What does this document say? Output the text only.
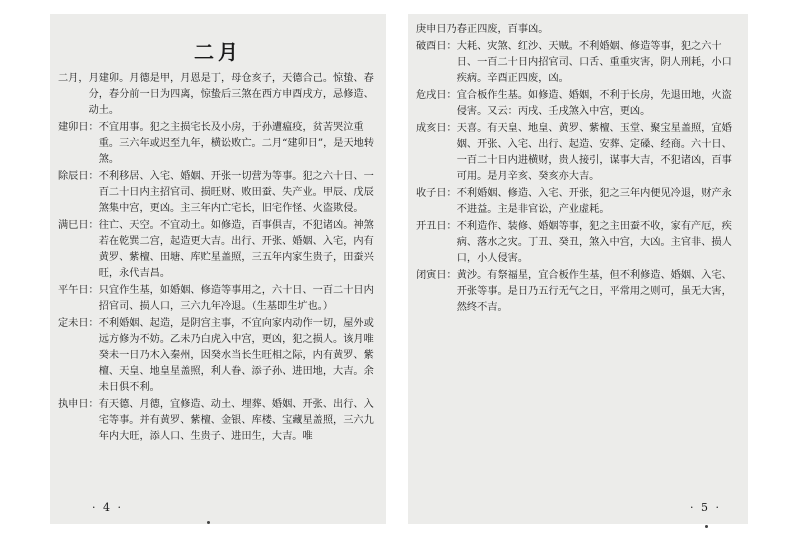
二月
二月， 月建卯。月德是甲，月恩是丁，母仓亥子，天德合己。惊蛰、春分，春分前一日为四离，惊蛰后三煞在西方申酉戌方，忌修造、动土。
建卯日： 不宜用事。犯之主损宅长及小房，于孙遭瘟疫，贫苦哭泣重重。三六年或迟至九年，横讼败亡。二月“建卯日”，是天地转煞。
除辰日： 不利移居、入宅、婚姻、开张一切营为等事。犯之六十日、一百二十日内主招官司、损旺财、败田蚕、失产业。甲辰、戊辰煞集中宫，更凶。主三年内亡宅长，旧宅作怪、火盗欺侵。
满巳日： 往亡、天空。不宜动土。如修造，百事俱吉，不犯诸凶。神煞若在乾巽二宫，起造更大吉。出行、开张、婚姻、入宅，内有黄罗、紫檀、田塘、库贮星盖照，三五年内家生贵子，田蚕兴旺，永代吉昌。
平午日： 只宜作生基，如婚姻、修造等事用之，六十日、一百二十日内招官司、损人口，三六九年冷退。（生基即生圹也。）
定未日： 不利婚姻、起造，是阴宫主事，不宜向家内动作一切，屋外或远方修为不妨。乙未乃白虎入中宫，更凶，犯之损人。该月唯癸未一日乃木入秦州，因癸水当长生旺相之际，内有黄罗、紫檀、天皇、地皇星盖照，利人眷、添子孙、进田地，大吉。余未日俱不利。
执申日： 有天德、月德，宜修造、动土、埋葬、婚姻、开张、出行、入宅等事。并有黄罗、紫檀、金银、库楼、宝藏星盖照，三六九年内大旺，添人口、生贵子、进田生，大吉。唯
· 4 ·
庚申日乃春正四废，百事凶。
破酉日： 大耗、灾煞、红沙、天贼。不利婚姻、修造等事，犯之六十日、一百二十日内招官司、口舌、重重灾害，阴人刑耗，小口疾病。辛酉正四废，凶。
危戌日： 宜合板作生基。如修造、婚姻，不利于长房，先退田地，火盗侵害。又云：丙戌、壬戌煞入中宫，更凶。
成亥日： 天喜。有天皇、地皇、黄罗、紫檀、玉堂、聚宝星盖照，宜婚姻、开张、入宅、出行、起造、安葬、定磉、经商。六十日、一百二十日内进横财，贵人接引，谋事大吉，不犯诸凶，百事可用。是月辛亥、癸亥亦大吉。
收子日： 不利婚姻、修造、入宅、开张，犯之三年内便见冷退，财产永不进益。主是非官讼，产业虚耗。
开丑日： 不利造作、装修、婚姻等事，犯之主田蚕不收，家有产厄，疾病、落水之灾。丁丑、癸丑，煞入中宫，大凶。主官非、损人口，小人侵害。
闭寅日： 黄沙。有祭福星，宜合板作生基，但不利修造、婚姻、入宅、开张等事。是日乃五行无气之日，平常用之则可，虽无大害，然终不吉。
· 5 ·
